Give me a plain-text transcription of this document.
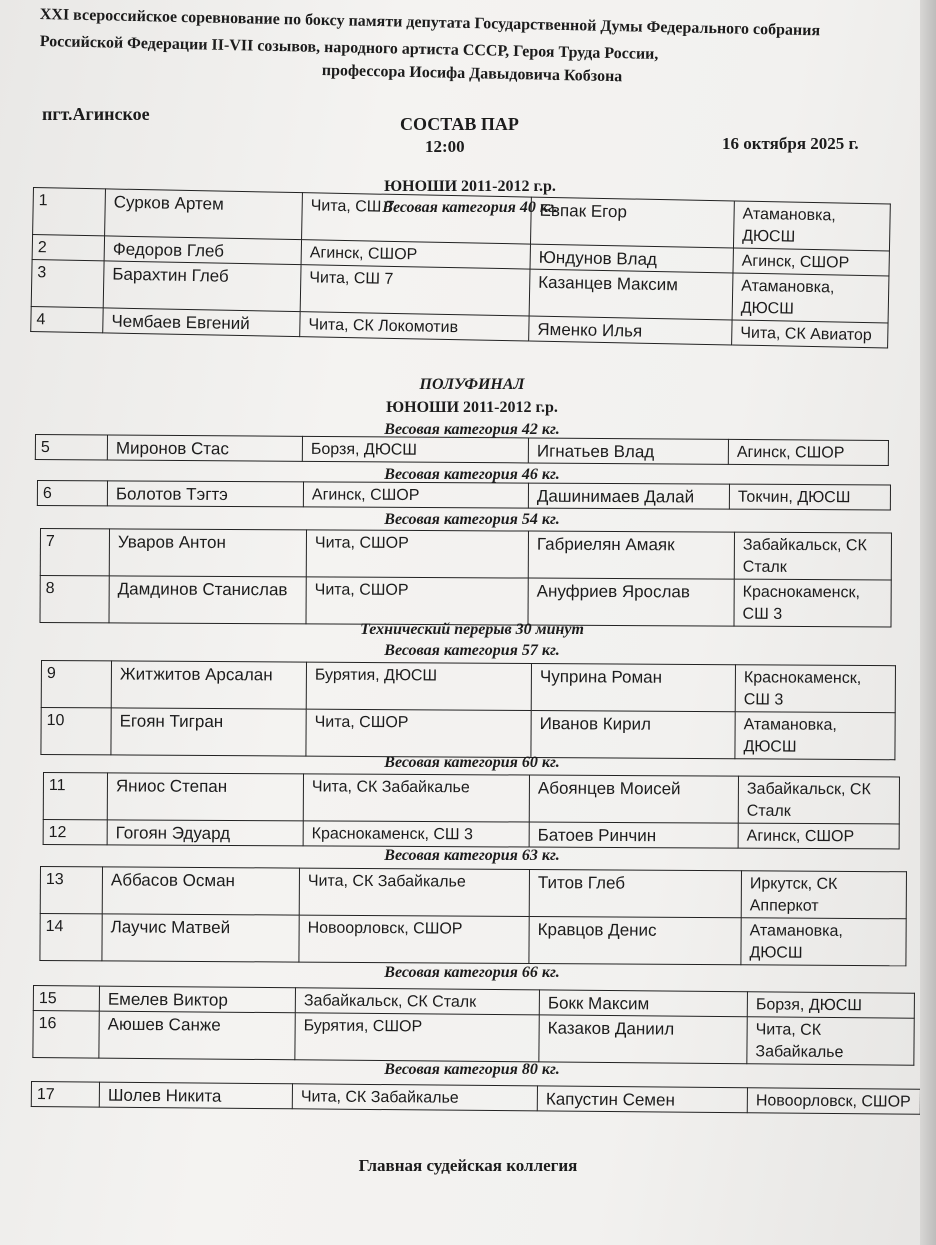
XXI всероссийское соревнование по боксу памяти депутата Государственной Думы Федерального собрания
Российской Федерации II-VII созывов, народного артиста СССР, Героя Труда России,
профессора Иосифа Давыдовича Кобзона
пгт.Агинское	СОСТАВ ПАР
12:00	16 октября 2025 г.
ЮНОШИ 2011-2012 г.р.
Весовая категория 40 кг.
1	Сурков Артем	Чита, СШ 7	Евпак Егор	Атамановка, ДЮСШ
2	Федоров Глеб	Агинск, СШОР	Юндунов Влад	Агинск, СШОР
3	Барахтин Глеб	Чита, СШ 7	Казанцев Максим	Атамановка, ДЮСШ
4	Чембаев Евгений	Чита, СК Локомотив	Яменко Илья	Чита, СК Авиатор
ПОЛУФИНАЛ
ЮНОШИ 2011-2012 г.р.
Весовая категория 42 кг.
5	Миронов Стас	Борзя, ДЮСШ	Игнатьев Влад	Агинск, СШОР
Весовая категория 46 кг.
6	Болотов Тэгтэ	Агинск, СШОР	Дашинимаев Далай	Токчин, ДЮСШ
Весовая категория 54 кг.
7	Уваров Антон	Чита, СШОР	Габриелян Амаяк	Забайкальск, СК Сталк
8	Дамдинов Станислав	Чита, СШОР	Ануфриев Ярослав	Краснокаменск, СШ 3
Технический перерыв 30 минут
Весовая категория 57 кг.
9	Житжитов Арсалан	Бурятия, ДЮСШ	Чуприна Роман	Краснокаменск, СШ 3
10	Егоян Тигран	Чита, СШОР	Иванов Кирил	Атамановка, ДЮСШ
Весовая категория 60 кг.
11	Яниос Степан	Чита, СК Забайкалье	Абоянцев Моисей	Забайкальск, СК Сталк
12	Гогоян Эдуард	Краснокаменск, СШ 3	Батоев Ринчин	Агинск, СШОР
Весовая категория 63 кг.
13	Аббасов Осман	Чита, СК Забайкалье	Титов Глеб	Иркутск, СК Апперкот
14	Лаучис Матвей	Новоорловск, СШОР	Кравцов Денис	Атамановка, ДЮСШ
Весовая категория 66 кг.
15	Емелев Виктор	Забайкальск, СК Сталк	Бокк Максим	Борзя, ДЮСШ
16	Аюшев Санже	Бурятия, СШОР	Казаков Даниил	Чита, СК Забайкалье
Весовая категория 80 кг.
17	Шолев Никита	Чита, СК Забайкалье	Капустин Семен	Новоорловск, СШОР
Главная судейская коллегия
